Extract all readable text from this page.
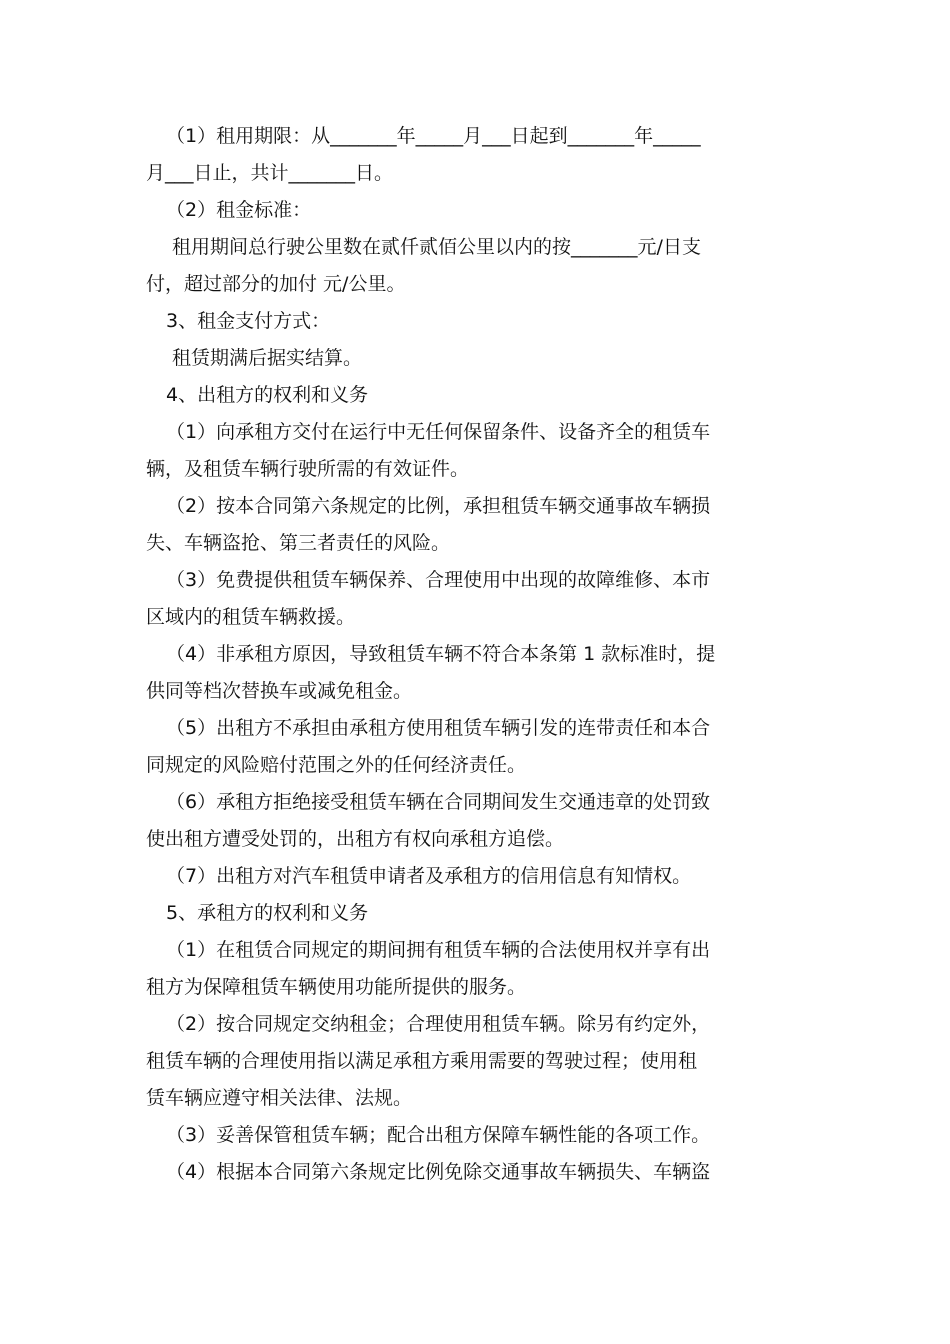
（1）租用期限：从_______年_____月___日起到_______年_____
月___日止，共计_______日。
（2）租金标准：
租用期间总行驶公里数在贰仟贰佰公里以内的按_______元/日支
付，超过部分的加付 元/公里。
3、租金支付方式：
租赁期满后据实结算。
4、出租方的权利和义务
（1）向承租方交付在运行中无任何保留条件、设备齐全的租赁车
辆，及租赁车辆行驶所需的有效证件。
（2）按本合同第六条规定的比例，承担租赁车辆交通事故车辆损
失、车辆盗抢、第三者责任的风险。
（3）免费提供租赁车辆保养、合理使用中出现的故障维修、本市
区域内的租赁车辆救援。
（4）非承租方原因，导致租赁车辆不符合本条第 1 款标准时，提
供同等档次替换车或减免租金。
（5）出租方不承担由承租方使用租赁车辆引发的连带责任和本合
同规定的风险赔付范围之外的任何经济责任。
（6）承租方拒绝接受租赁车辆在合同期间发生交通违章的处罚致
使出租方遭受处罚的，出租方有权向承租方追偿。
（7）出租方对汽车租赁申请者及承租方的信用信息有知情权。
5、承租方的权利和义务
（1）在租赁合同规定的期间拥有租赁车辆的合法使用权并享有出
租方为保障租赁车辆使用功能所提供的服务。
（2）按合同规定交纳租金；合理使用租赁车辆。除另有约定外，
租赁车辆的合理使用指以满足承租方乘用需要的驾驶过程；使用租
赁车辆应遵守相关法律、法规。
（3）妥善保管租赁车辆；配合出租方保障车辆性能的各项工作。
（4）根据本合同第六条规定比例免除交通事故车辆损失、车辆盗
